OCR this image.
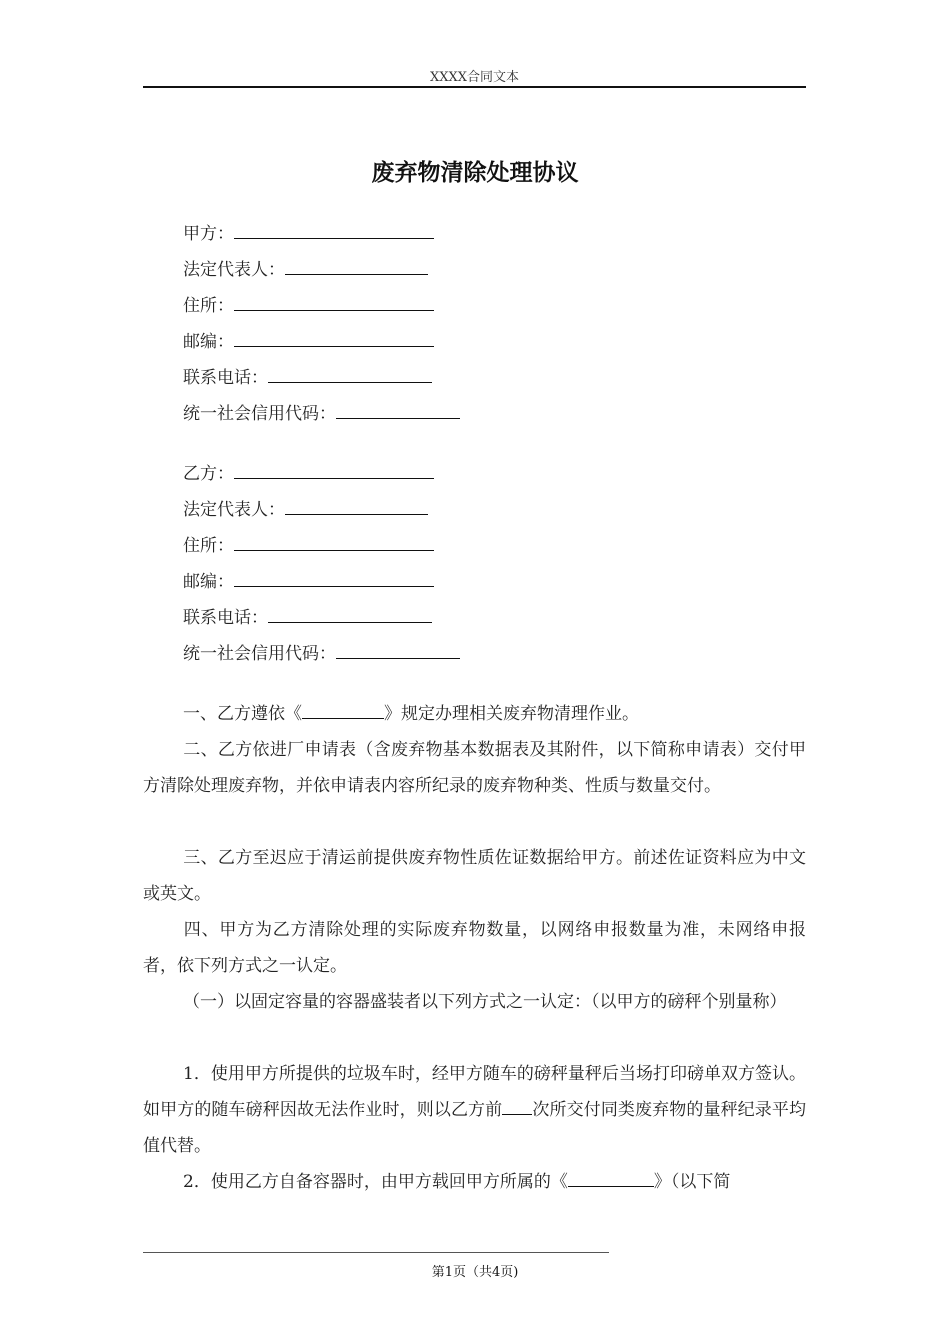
XXXX合同文本
废弃物清除处理协议
甲方：
法定代表人：
住所：
邮编：
联系电话：
统一社会信用代码：
乙方：
法定代表人：
住所：
邮编：
联系电话：
统一社会信用代码：
一、乙方遵依《	》规定办理相关废弃物清理作业。
二、乙方依进厂申请表（含废弃物基本数据表及其附件，以下简称申请表）交付甲方清除处理废弃物，并依申请表内容所纪录的废弃物种类、性质与数量交付。
三、乙方至迟应于清运前提供废弃物性质佐证数据给甲方。前述佐证资料应为中文或英文。
四、甲方为乙方清除处理的实际废弃物数量，以网络申报数量为准，未网络申报者，依下列方式之一认定。
（一）以固定容量的容器盛装者以下列方式之一认定：（以甲方的磅秤个别量称）
1．使用甲方所提供的垃圾车时，经甲方随车的磅秤量秤后当场打印磅单双方签认。如甲方的随车磅秤因故无法作业时，则以乙方前 次所交付同类废弃物的量秤纪录平均值代替。
2．使用乙方自备容器时，由甲方载回甲方所属的《	》（以下简
第1页（共4页)
